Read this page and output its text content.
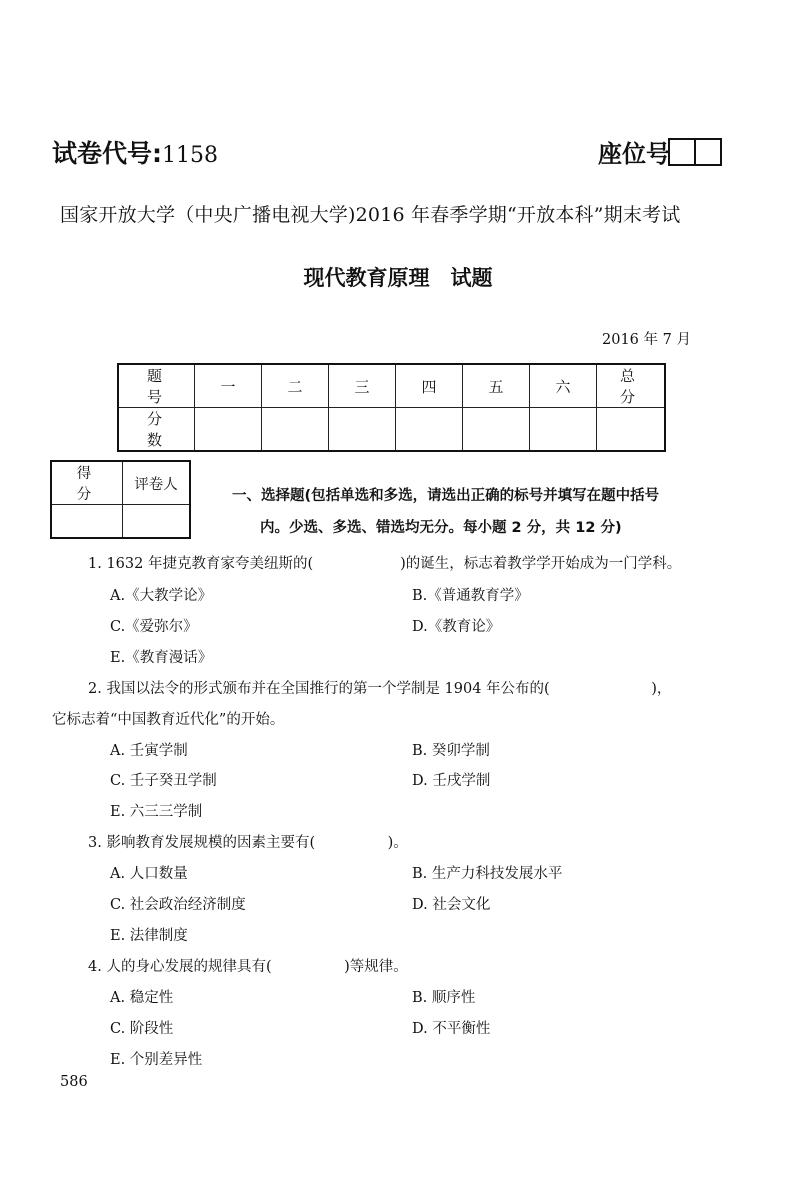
试卷代号:1158	座位号
国家开放大学（中央广播电视大学)2016 年春季学期“开放本科”期末考试
现代教育原理　试题
2016 年 7 月
题　号	一	二	三	四	五	六	总　分
分　数							
得　分	评卷人

一、选择题(包括单选和多选，请选出正确的标号并填写在题中括号
内。少选、多选、错选均无分。每小题 2 分，共 12 分)
1. 1632 年捷克教育家夸美纽斯的(　　　　　　)的诞生，标志着教学学开始成为一门学科。
A.《大教学论》	B.《普通教育学》
C.《爱弥尔》	D.《教育论》
E.《教育漫话》
2. 我国以法令的形式颁布并在全国推行的第一个学制是 1904 年公布的(　　　　　　　)，
它标志着“中国教育近代化”的开始。
A. 壬寅学制	B. 癸卯学制
C. 壬子癸丑学制	D. 壬戌学制
E. 六三三学制
3. 影响教育发展规模的因素主要有(　　　　　)。
A. 人口数量	B. 生产力科技发展水平
C. 社会政治经济制度	D. 社会文化
E. 法律制度
4. 人的身心发展的规律具有(　　　　　)等规律。
A. 稳定性	B. 顺序性
C. 阶段性	D. 不平衡性
E. 个别差异性
586
